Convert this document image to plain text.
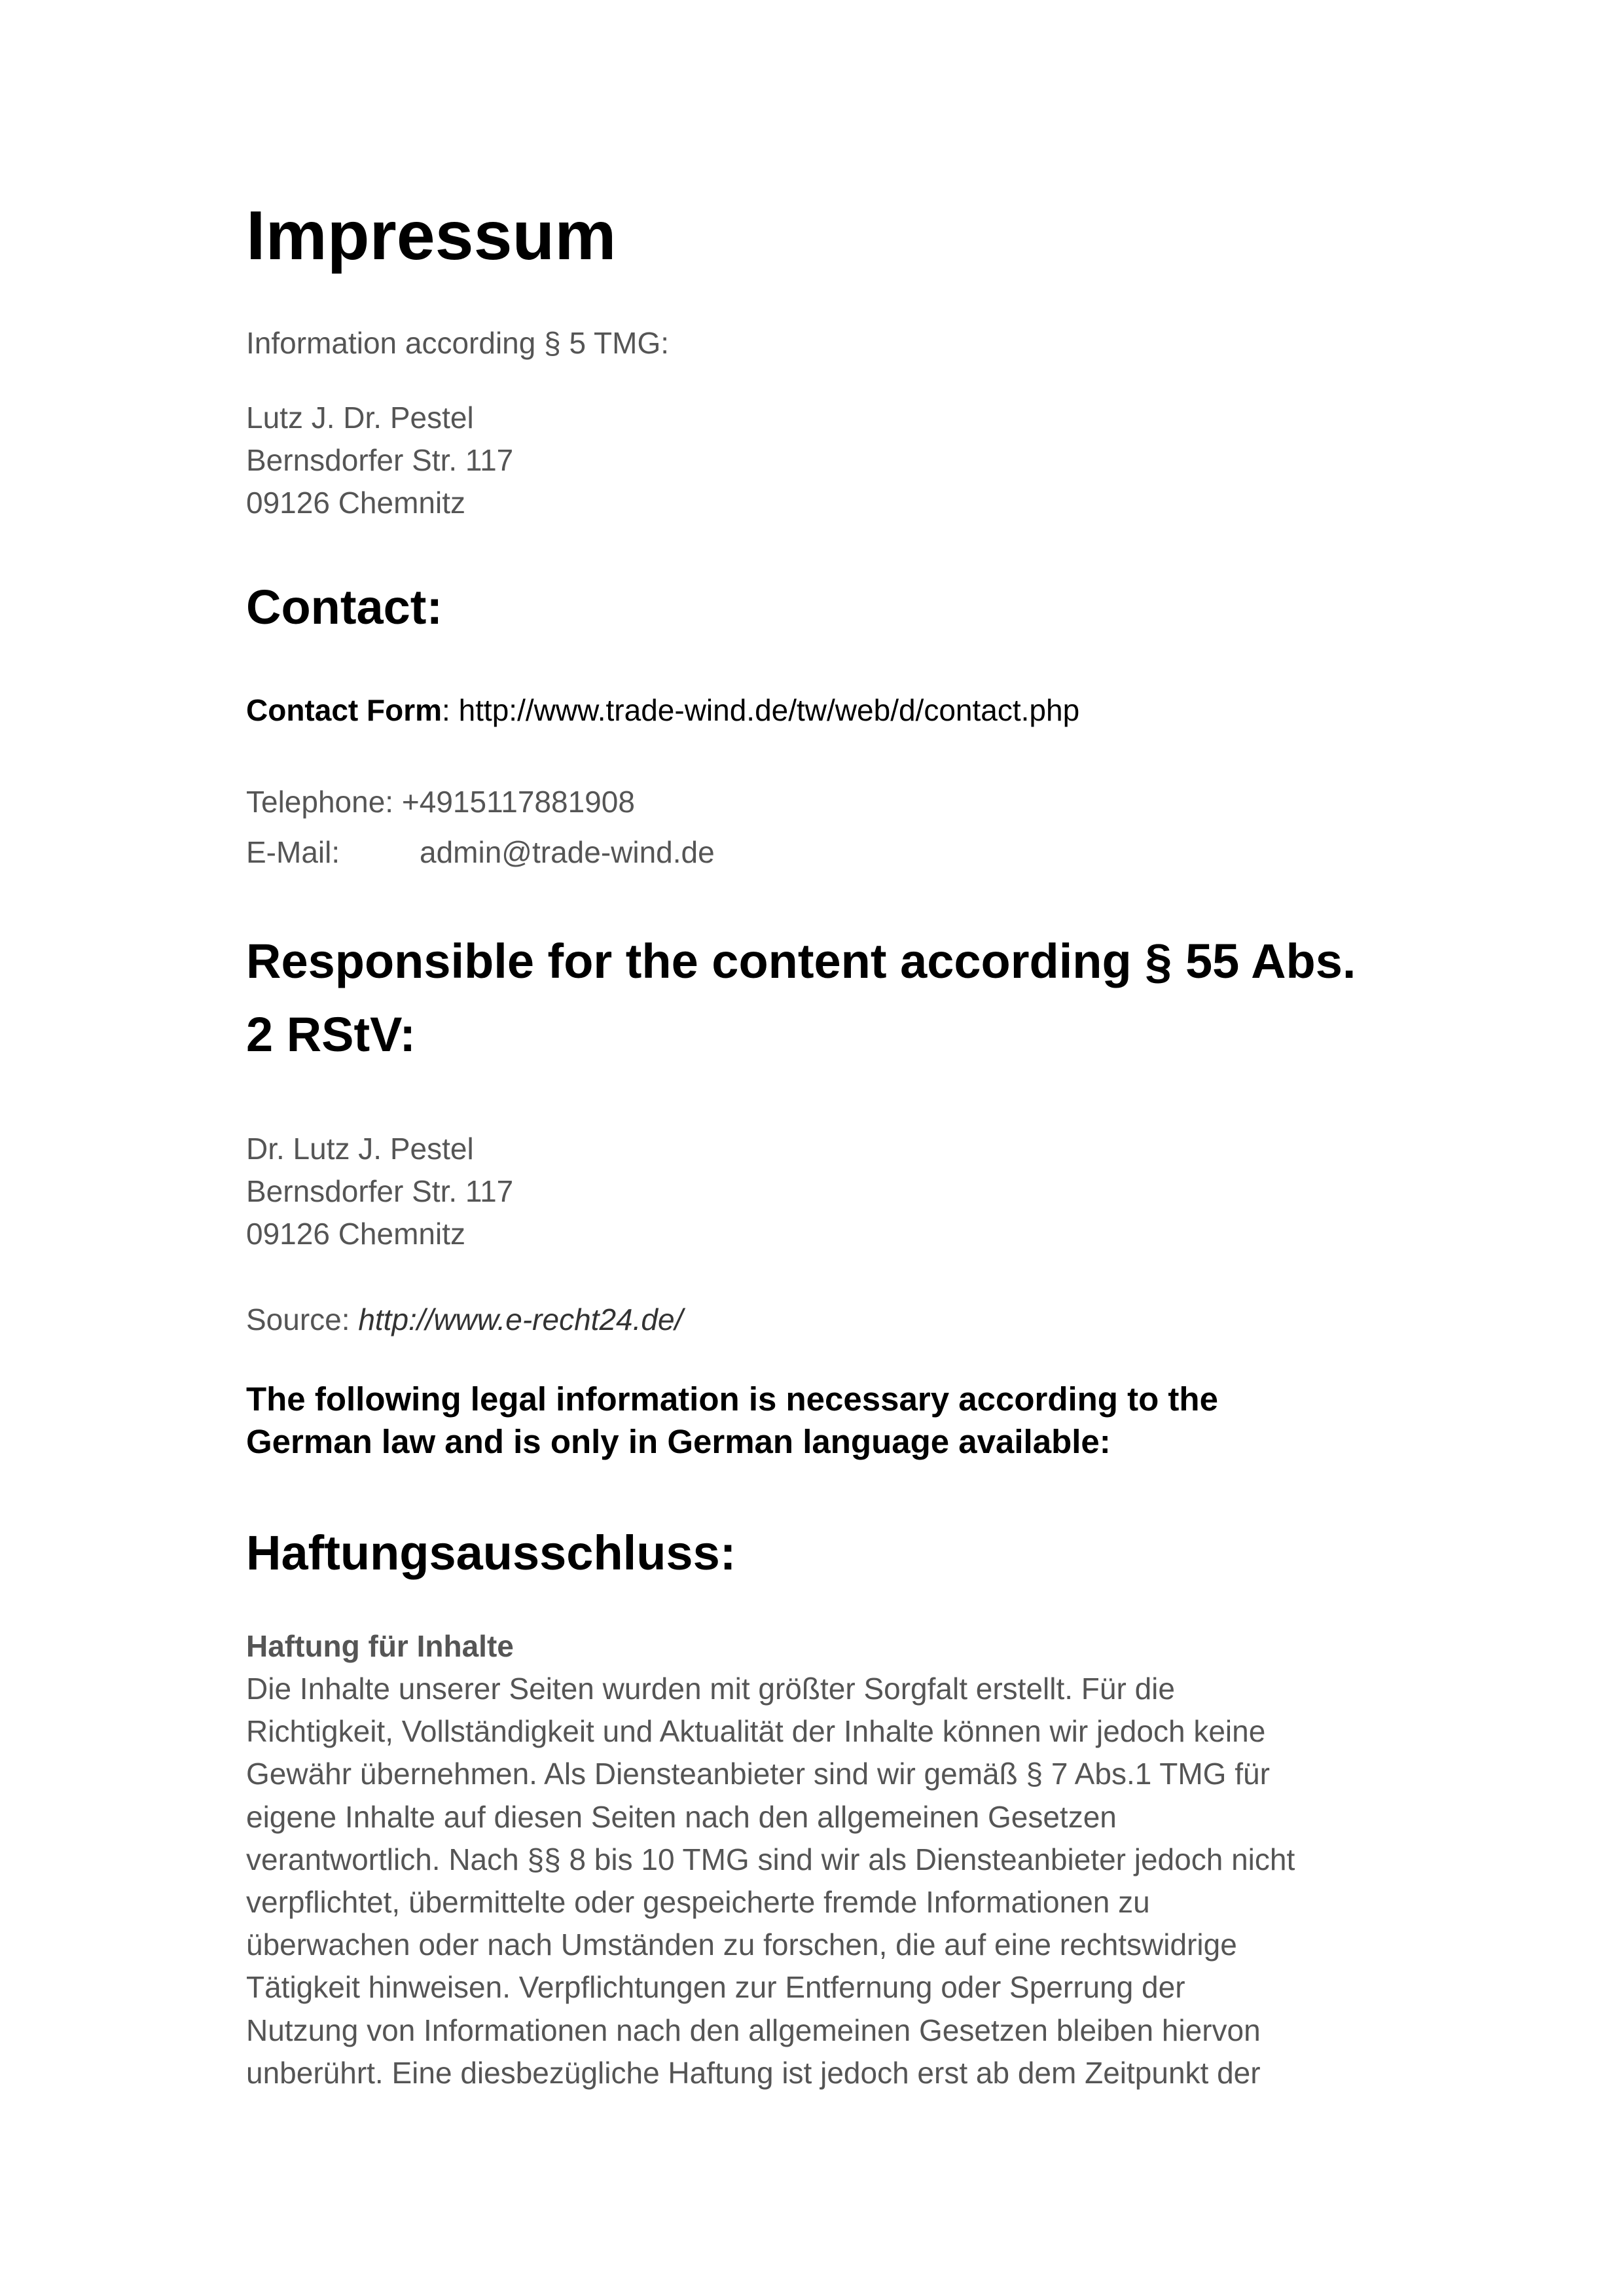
Impressum
Information according § 5 TMG:
Lutz J. Dr. Pestel
Bernsdorfer Str. 117
09126 Chemnitz
Contact:
Contact Form: http://www.trade-wind.de/tw/web/d/contact.php
Telephone: +4915117881908
E-Mail:	admin@trade-wind.de
Responsible for the content according § 55 Abs.
2 RStV:
Dr. Lutz J. Pestel
Bernsdorfer Str. 117
09126 Chemnitz
Source: http://www.e-recht24.de/
The following legal information is necessary according to the
German law and is only in German language available:
Haftungsausschluss:
Haftung für Inhalte
Die Inhalte unserer Seiten wurden mit größter Sorgfalt erstellt. Für die
Richtigkeit, Vollständigkeit und Aktualität der Inhalte können wir jedoch keine
Gewähr übernehmen. Als Diensteanbieter sind wir gemäß § 7 Abs.1 TMG für
eigene Inhalte auf diesen Seiten nach den allgemeinen Gesetzen
verantwortlich. Nach §§ 8 bis 10 TMG sind wir als Diensteanbieter jedoch nicht
verpflichtet, übermittelte oder gespeicherte fremde Informationen zu
überwachen oder nach Umständen zu forschen, die auf eine rechtswidrige
Tätigkeit hinweisen. Verpflichtungen zur Entfernung oder Sperrung der
Nutzung von Informationen nach den allgemeinen Gesetzen bleiben hiervon
unberührt. Eine diesbezügliche Haftung ist jedoch erst ab dem Zeitpunkt der
